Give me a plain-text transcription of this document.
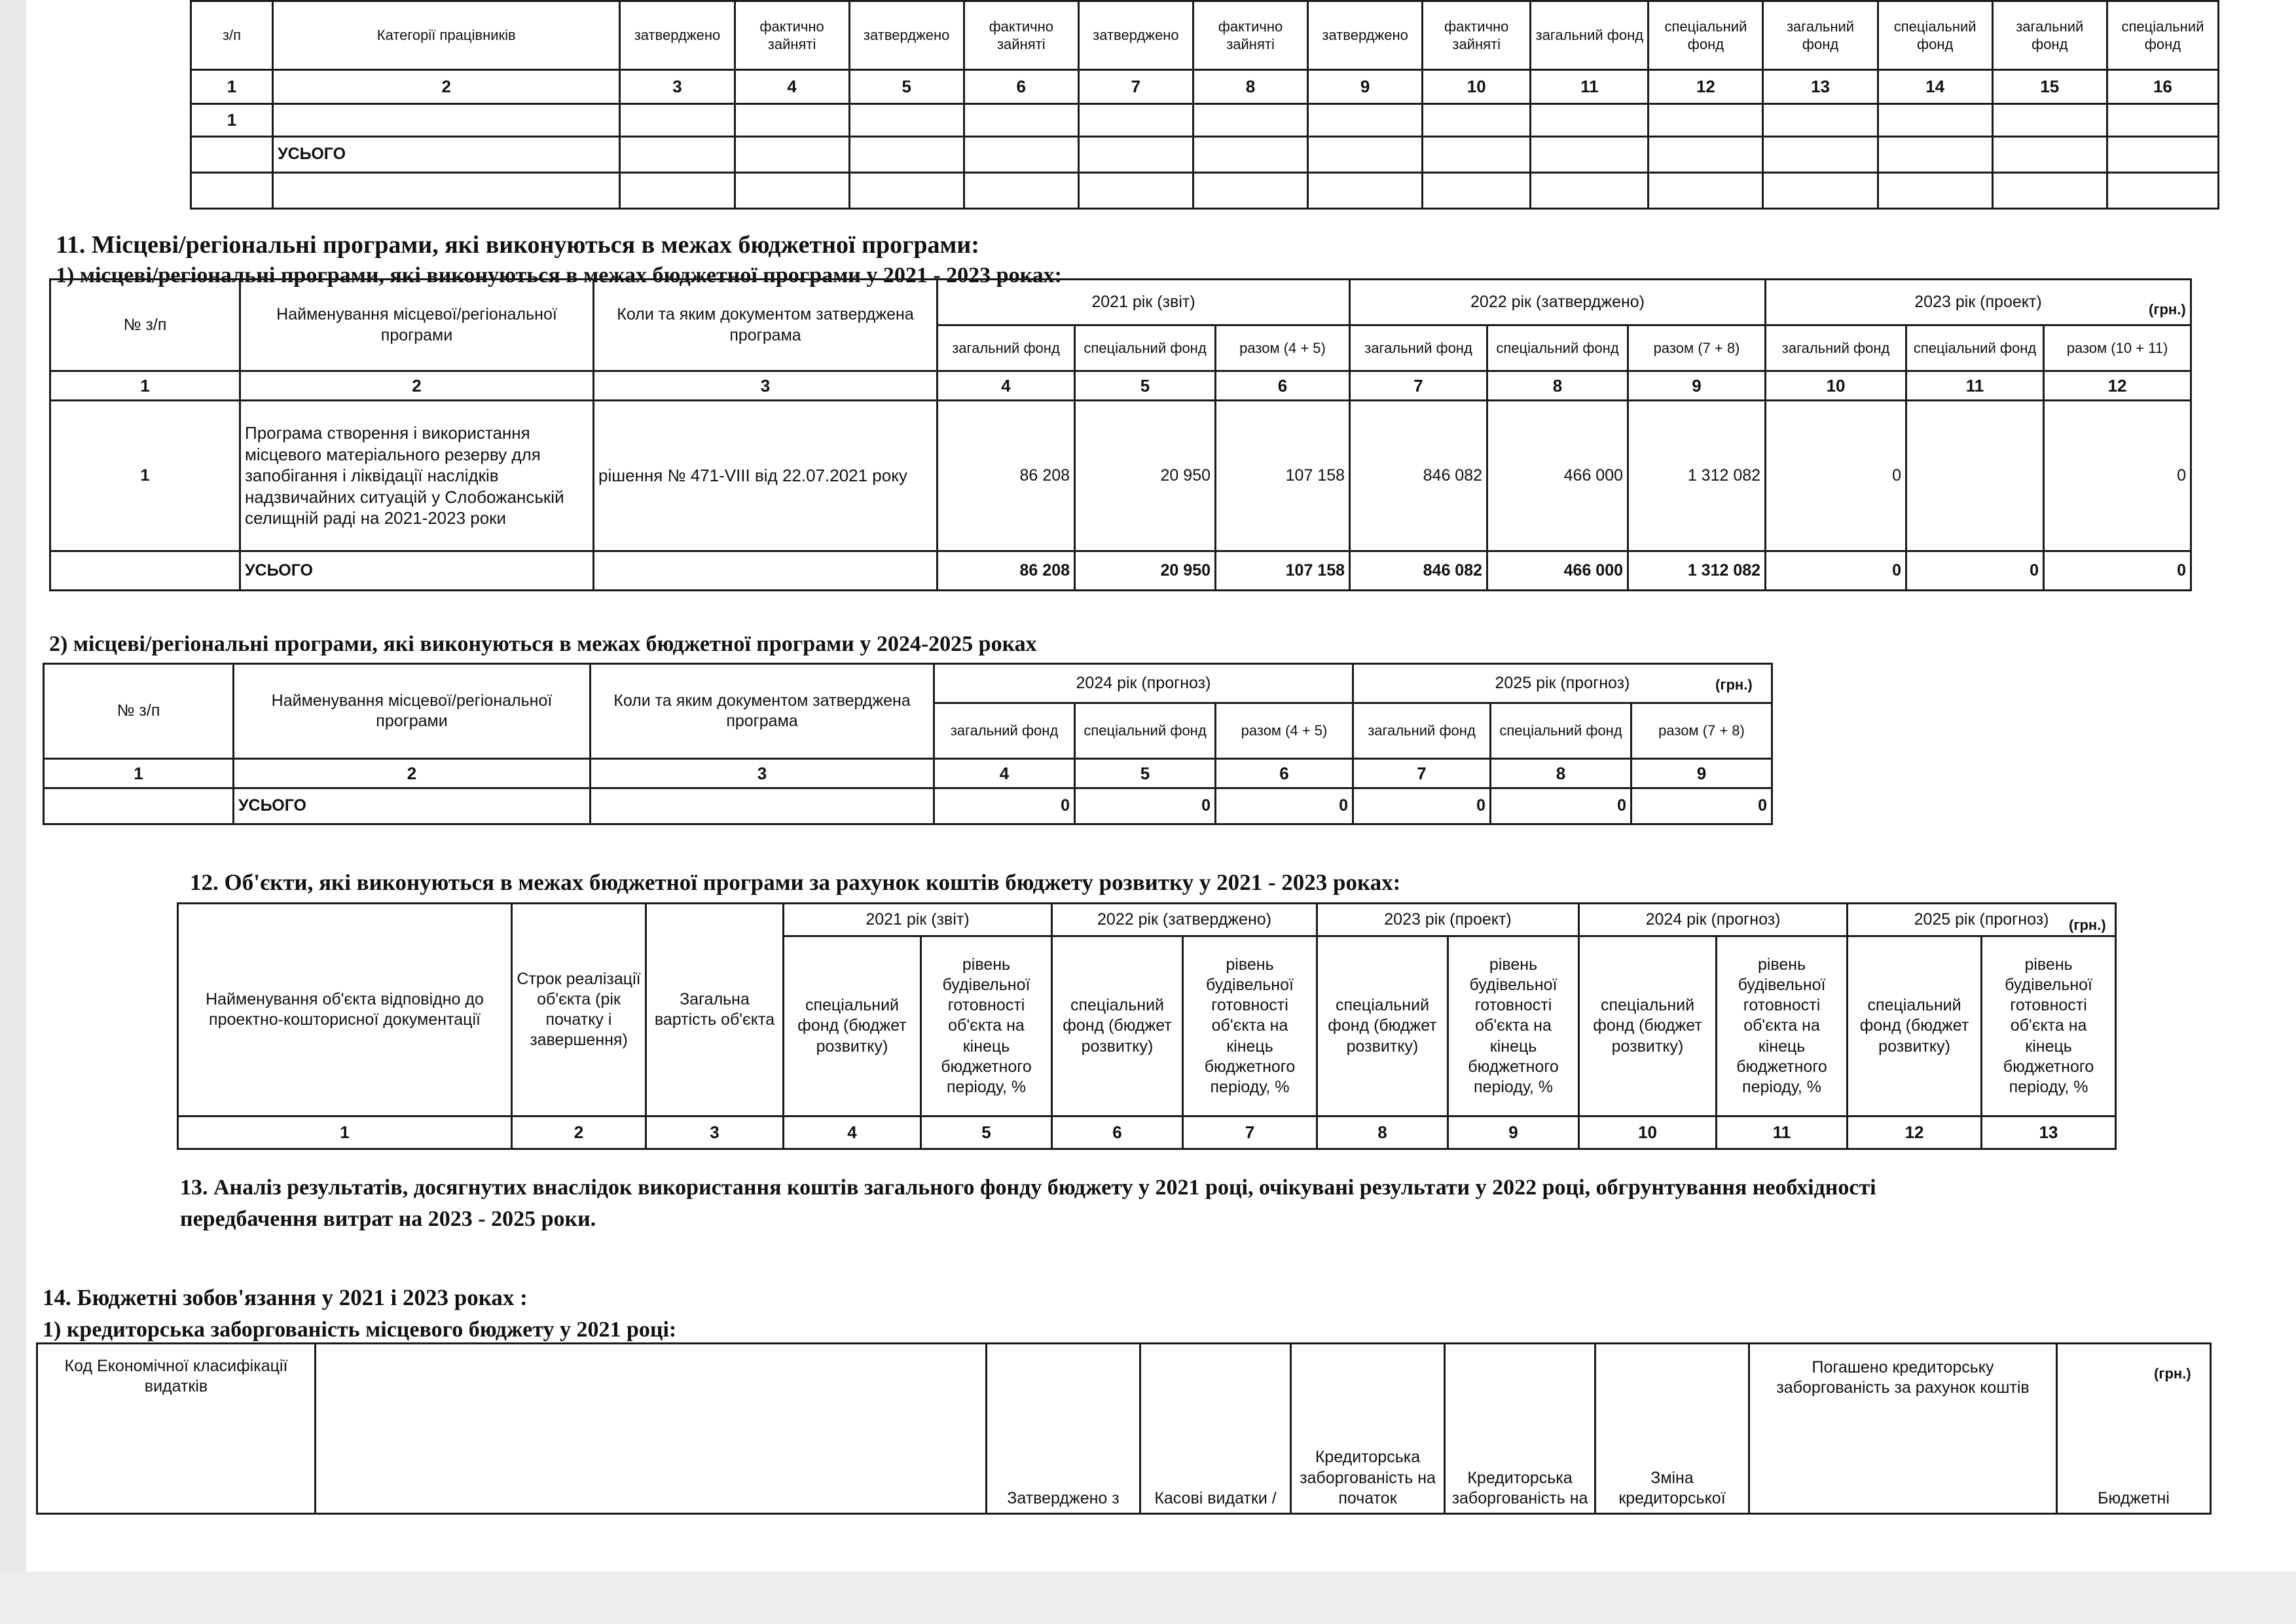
з/п	Категорії працівників	затверджено	фактично зайняті	затверджено	фактично зайняті	затверджено	фактично зайняті	затверджено	фактично зайняті	загальний фонд	спеціальний фонд	загальний фонд	спеціальний фонд	загальний фонд	спеціальний фонд
1	2	3	4	5	6	7	8	9	10	11	12	13	14	15	16
1															
	УСЬОГО														

11. Місцеві/регіональні програми, які виконуються в межах бюджетної програми:
1) місцеві/регіональні програми, які виконуються в межах бюджетної програми у 2021 - 2023 роках:
(грн.)
№ з/п	Найменування місцевої/регіональної програми	Коли та яким документом затверджена програма	2021 рік (звіт)			2022 рік (затверджено)			2023 рік (проект)		
			загальний фонд	спеціальний фонд	разом (4 + 5)	загальний фонд	спеціальний фонд	разом (7 + 8)	загальний фонд	спеціальний фонд	разом (10 + 11)
1	2	3	4	5	6	7	8	9	10	11	12
1	Програма створення і використання місцевого матеріального резерву для запобігання і ліквідації наслідків надзвичайних ситуацій у Слобожанській селищній раді на 2021-2023 роки	рішення № 471-VIII від 22.07.2021 року	86 208	20 950	107 158	846 082	466 000	1 312 082	0		0
	УСЬОГО		86 208	20 950	107 158	846 082	466 000	1 312 082	0	0	0
2) місцеві/регіональні програми, які виконуються в межах бюджетної програми у 2024-2025 роках
(грн.)
№ з/п	Найменування місцевої/регіональної програми	Коли та яким документом затверджена програма	2024 рік (прогноз)			2025 рік (прогноз)		
			загальний фонд	спеціальний фонд	разом (4 + 5)	загальний фонд	спеціальний фонд	разом (7 + 8)
1	2	3	4	5	6	7	8	9
	УСЬОГО		0	0	0	0	0	0
12. Об'єкти, які виконуються в межах бюджетної програми за рахунок коштів бюджету розвитку у 2021 - 2023 роках:
(грн.)
Найменування об'єкта відповідно до проектно-кошторисної документації	Строк реалізації об'єкта (рік початку і завершення)	Загальна вартість об'єкта	2021 рік (звіт)		2022 рік (затверджено)		2023 рік (проект)		2024 рік (прогноз)		2025 рік (прогноз)	
			спеціальний фонд (бюджет розвитку)	рівень будівельної готовності об'єкта на кінець бюджетного періоду, %	спеціальний фонд (бюджет розвитку)	рівень будівельної готовності об'єкта на кінець бюджетного періоду, %	спеціальний фонд (бюджет розвитку)	рівень будівельної готовності об'єкта на кінець бюджетного періоду, %	спеціальний фонд (бюджет розвитку)	рівень будівельної готовності об'єкта на кінець бюджетного періоду, %	спеціальний фонд (бюджет розвитку)	рівень будівельної готовності об'єкта на кінець бюджетного періоду, %
1	2	3	4	5	6	7	8	9	10	11	12	13
13. Аналіз результатів, досягнутих внаслідок використання коштів загального фонду бюджету у 2021 році, очікувані результати у 2022 році, обгрунтування необхідності
передбачення витрат на 2023 - 2025 роки.
14. Бюджетні зобов'язання у 2021 і 2023 роках :
1) кредиторська заборгованість місцевого бюджету у 2021 році:
(грн.)
Код Економічної класифікації видатків		Затверджено з	Касові видатки /	Кредиторська заборгованість на початок	Кредиторська заборгованість на	Зміна кредиторської	Погашено кредиторську заборгованість за рахунок коштів	Бюджетні
